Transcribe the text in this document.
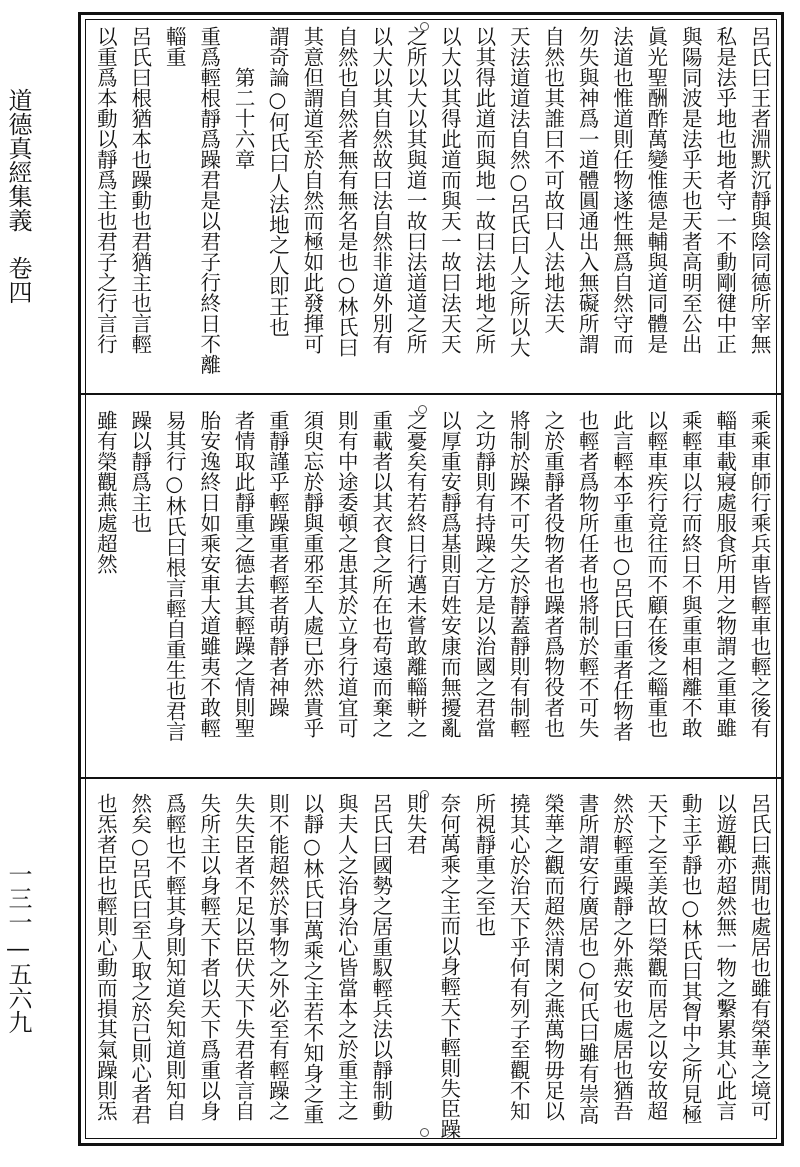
道德真經集義　卷四
一三一—五六九
呂氏曰王者淵默沉靜與陰同德所宰無
私是法乎地也地者守一不動剛徤中正
與陽同波是法乎天也天者高明至公出
眞光聖酬酢萬變惟德是輔與道同體是
法道也惟道則任物遂性無爲自然守而
勿失與神爲一道體圓通出入無礙所謂
自然也其誰曰不可故曰人法地法天
天法道道法自然○呂氏曰人之所以大
以其得此道而與地一故曰法地地之所
以大以其得此道而與天一故曰法天天
之所以大以其與道一故曰法道道之所
以大以其自然故曰法自然非道外別有
自然也自然者無有無名是也○林氏曰
其意但謂道至於自然而極如此發揮可
謂奇論○何氏曰人法地之人即王也
　　第二十六章
重爲輕根靜爲躁君是以君子行終日不離
輜重
呂氏曰根猶本也躁動也君猶主也言輕
以重爲本動以靜爲主也君子之行言行
乘乘車師行乘兵車皆輕車也輕之後有
輜車載寢處服食所用之物謂之重車雖
乘輕車以行而終日不與重車相離不敢
以輕車疾行竟往而不顧在後之輜重也
此言輕本乎重也○呂氏曰重者任物者
也輕者爲物所任者也將制於輕不可失
之於重靜者役物者也躁者爲物役者也
將制於躁不可失之於靜蓋靜則有制輕
之功靜則有持躁之方是以治國之君當
以厚重安靜爲基則百姓安康而無擾亂
之憂矣有若終日行邁未嘗敢離輜軿之
重載者以其衣食之所在也苟遠而棄之
則有中途委頓之患其於立身行道宜可
須臾忘於靜與重邪至人處已亦然貴乎
重靜謹乎輕躁重者輕者萌靜者神躁
者情取此靜重之德去其輕躁之情則聖
胎安逸終日如乘安車大道雖夷不敢輕
易其行○林氏曰根言輕自重生也君言
躁以靜爲主也
雖有榮觀燕處超然
呂氏曰燕閒也處居也雖有榮華之境可
以遊觀亦超然無一物之繫累其心此言
動主乎靜也○林氏曰其胷中之所見極
天下之至美故曰榮觀而居之以安故超
然於輕重躁靜之外燕安也處居也猶吾
書所謂安行廣居也○何氏曰雖有崇高
榮華之觀而超然清閑之燕萬物毋足以
撓其心於治天下乎何有列子至觀不知
所視靜重之至也
奈何萬乘之主而以身輕天下輕則失臣躁
則失君
呂氏曰國勢之居重馭輕兵法以靜制動
與夫人之治身治心皆當本之於重主之
以靜○林氏曰萬乘之主若不知身之重
則不能超然於事物之外必至有輕躁之
失失臣者不足以臣伏天下失君者言自
失所主以身輕天下者以天下爲重以身
爲輕也不輕其身則知道矣知道則知自
然矣○呂氏曰至人取之於已則心者君
也炁者臣也輕則心動而損其氣躁則炁
